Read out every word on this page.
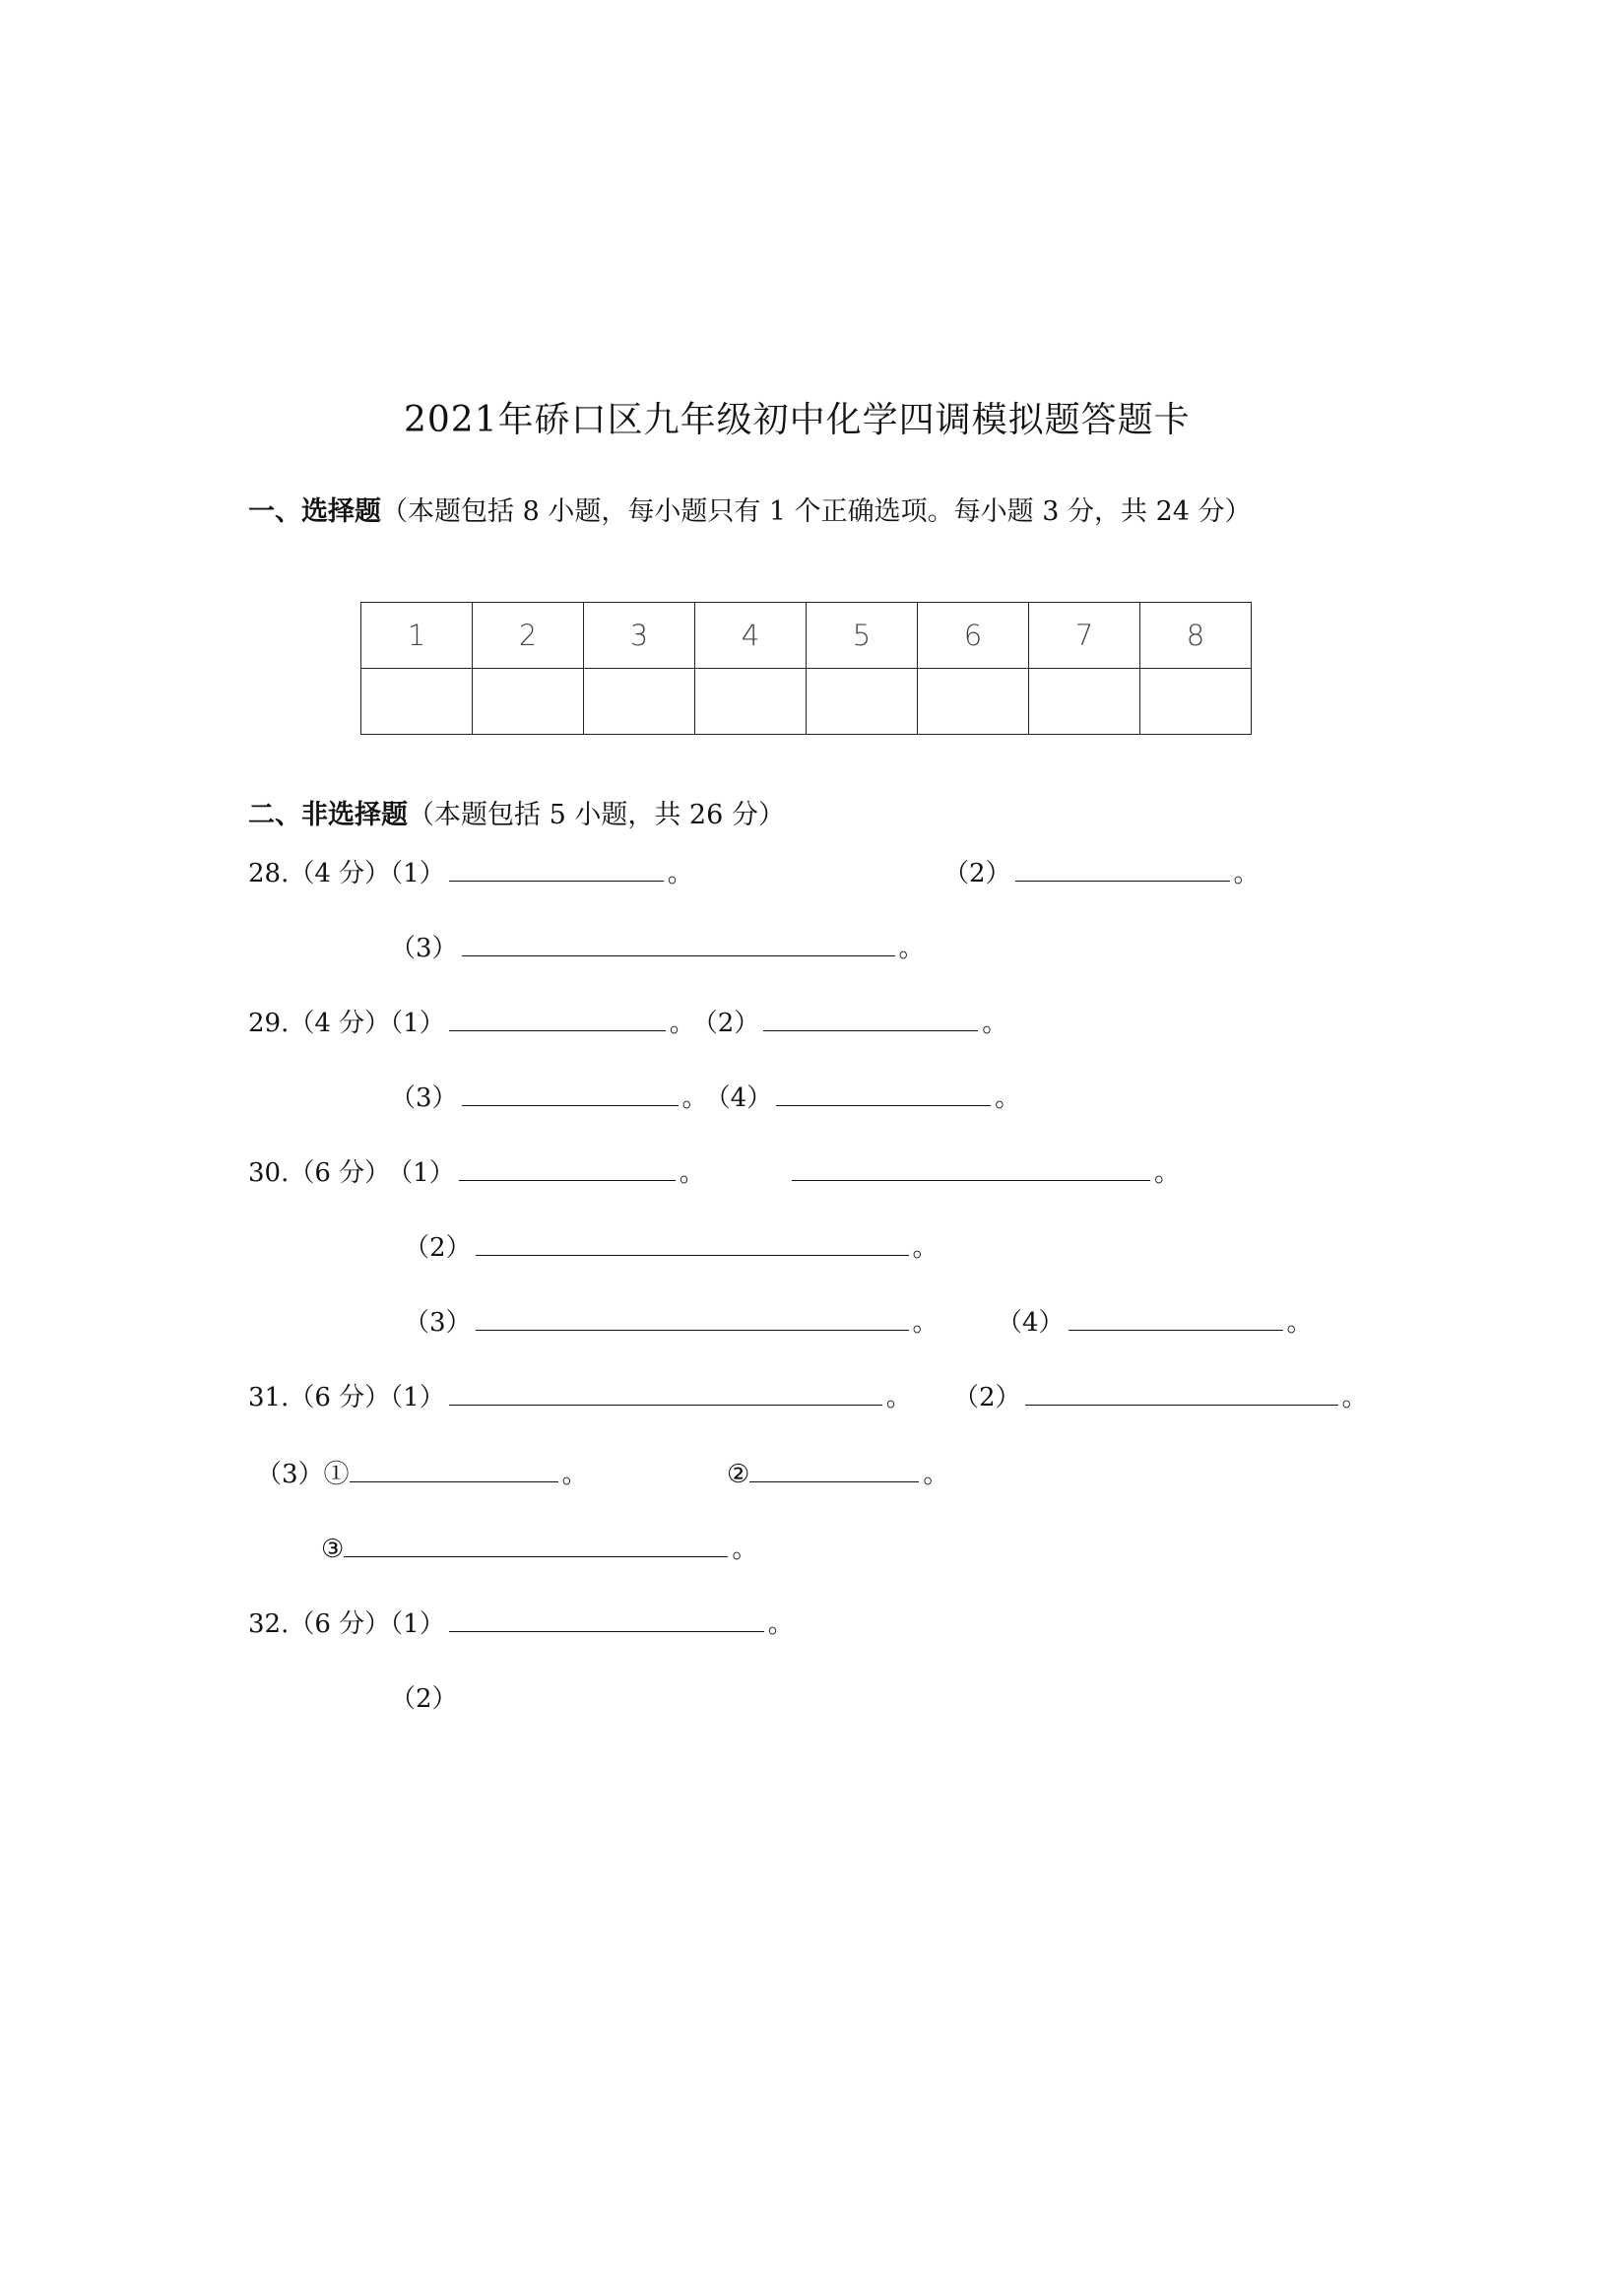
2021年硚口区九年级初中化学四调模拟题答题卡
一、选择题（本题包括 8 小题，每小题只有 1 个正确选项。每小题 3 分，共 24 分）
1	2	3	4	5	6	7	8

二、非选择题（本题包括 5 小题，共 26 分）
28.（4 分）（1）	。	（2）	。
（3）	。
29.（4 分）（1）	。 （2）	。
（3）	。 （4）	。
30.（6 分） （1）	。	。
（2）	。
（3）	。 （4）	。
31.（6 分）（1）	。 （2）	。
（3）①	。	②	。
③	。
32.（6 分）（1）	。
（2）
